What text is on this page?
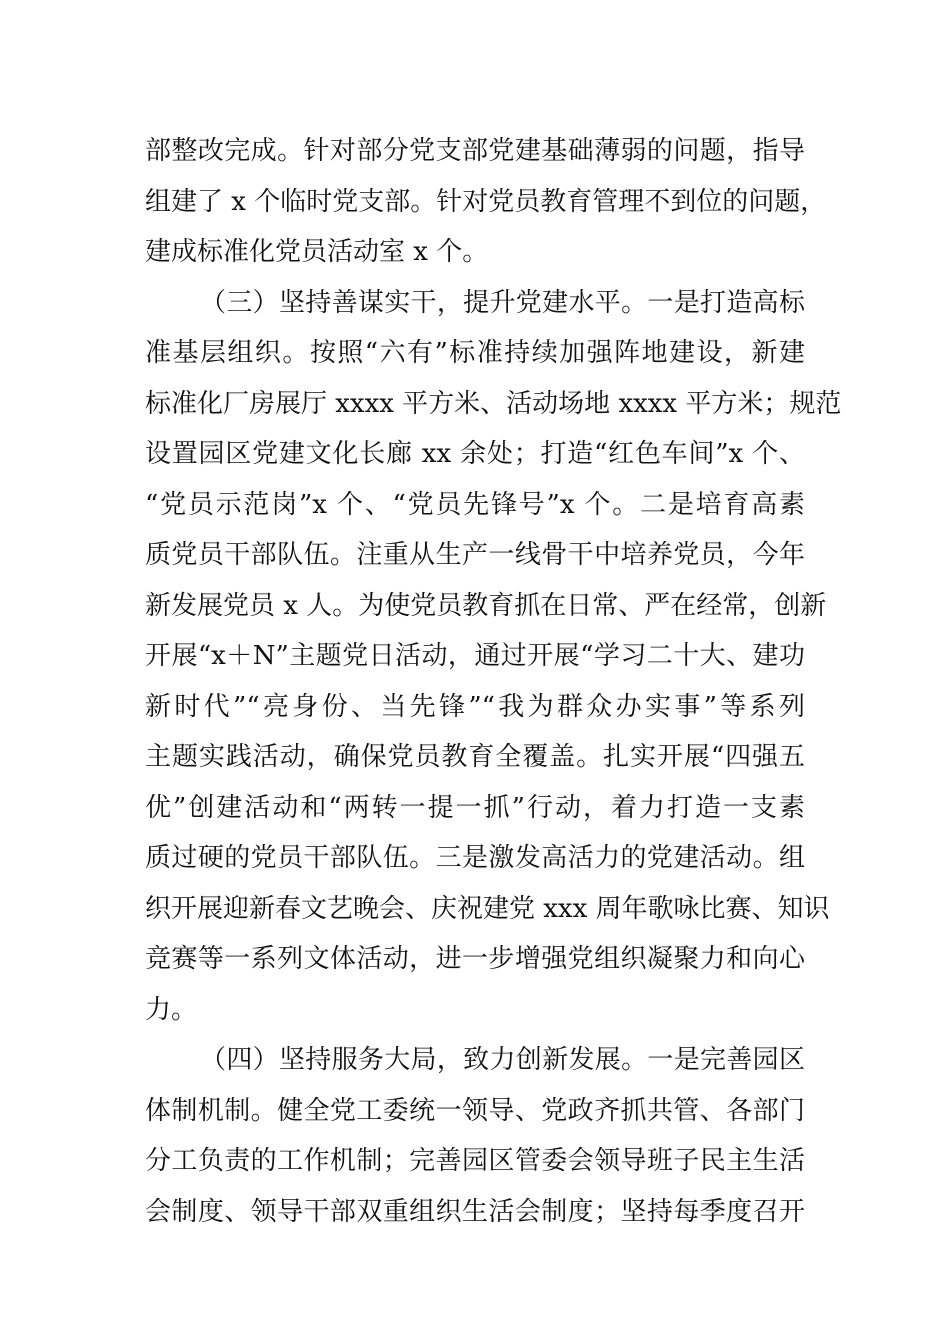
部整改完成。针对部分党支部党建基础薄弱的问题，指导
组建了 x 个临时党支部。针对党员教育管理不到位的问题，
建成标准化党员活动室 x 个。
（三）坚持善谋实干，提升党建水平。一是打造高标
准基层组织。按照“六有”标准持续加强阵地建设，新建
标准化厂房展厅 xxxx 平方米、活动场地 xxxx 平方米；规范
设置园区党建文化长廊 xx 余处；打造“红色车间”x 个、
“党员示范岗”x 个、“党员先锋号”x 个。二是培育高素
质党员干部队伍。注重从生产一线骨干中培养党员，今年
新发展党员 x 人。为使党员教育抓在日常、严在经常，创新
开展“x＋N”主题党日活动，通过开展“学习二十大、建功
新时代”“亮身份、当先锋”“我为群众办实事”等系列
主题实践活动，确保党员教育全覆盖。扎实开展“四强五
优”创建活动和“两转一提一抓”行动，着力打造一支素
质过硬的党员干部队伍。三是激发高活力的党建活动。组
织开展迎新春文艺晚会、庆祝建党 xxx 周年歌咏比赛、知识
竞赛等一系列文体活动，进一步增强党组织凝聚力和向心
力。
（四）坚持服务大局，致力创新发展。一是完善园区
体制机制。健全党工委统一领导、党政齐抓共管、各部门
分工负责的工作机制；完善园区管委会领导班子民主生活
会制度、领导干部双重组织生活会制度；坚持每季度召开
